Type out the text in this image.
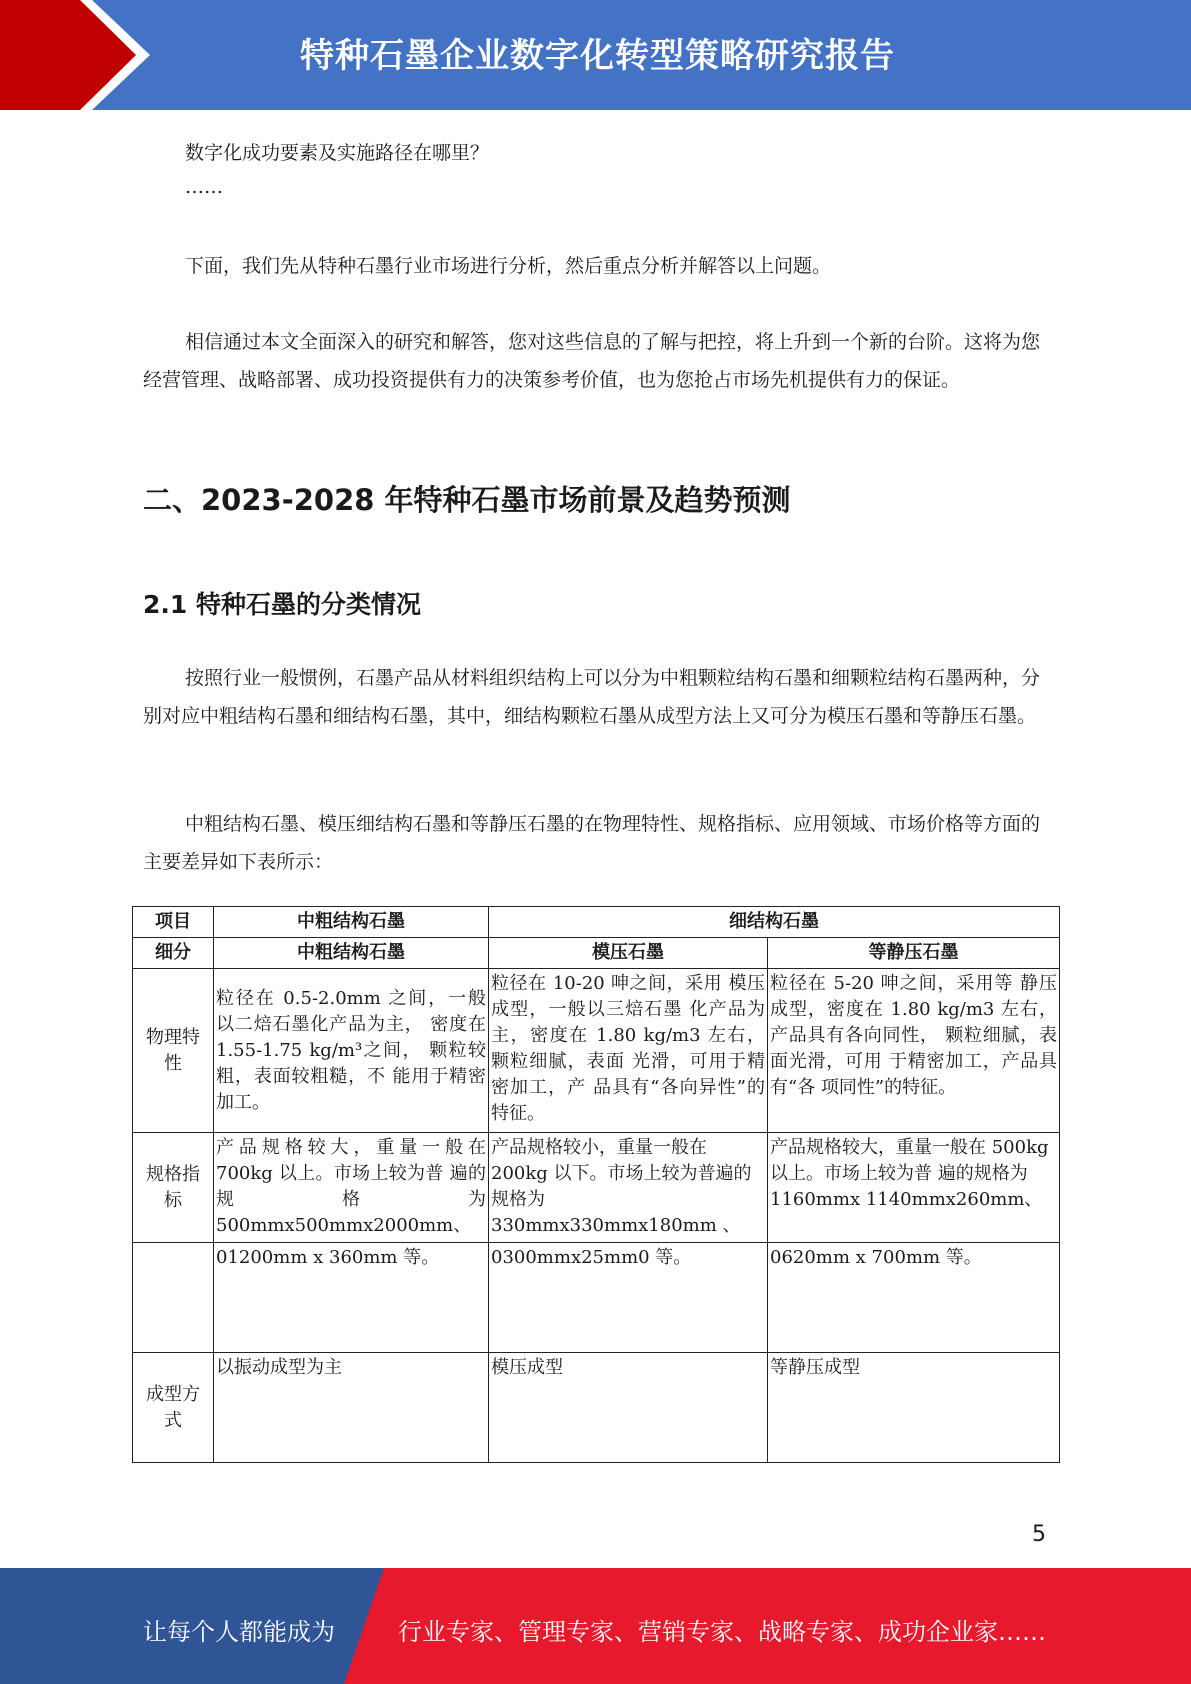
特种石墨企业数字化转型策略研究报告

数字化成功要素及实施路径在哪里？

……

下面，我们先从特种石墨行业市场进行分析，然后重点分析并解答以上问题。

相信通过本文全面深入的研究和解答，您对这些信息的了解与把控，将上升到一个新的台阶。这将为您经营管理、战略部署、成功投资提供有力的决策参考价值，也为您抢占市场先机提供有力的保证。

二、2023-2028 年特种石墨市场前景及趋势预测
2.1 特种石墨的分类情况

按照行业一般惯例，石墨产品从材料组织结构上可以分为中粗颗粒结构石墨和细颗粒结构石墨两种，分别对应中粗结构石墨和细结构石墨，其中，细结构颗粒石墨从成型方法上又可分为模压石墨和等静压石墨。

中粗结构石墨、模压细结构石墨和等静压石墨的在物理特性、规格指标、应用领域、市场价格等方面的主要差异如下表所示：

项目	中粗结构石墨	细结构石墨	
细分	中粗结构石墨	模压石墨	等静压石墨
物理特性	粒径在 0.5-2.0mm 之间，一般以二焙石墨化产品为主， 密度在 1.55-1.75 kg/m³之间， 颗粒较粗，表面较粗糙，不 能用于精密加工。	粒径在 10-20 呻之间，采用 模压成型，一般以三焙石墨 化产品为主，密度在 1.80 kg/m3 左右，颗粒细腻，表面 光滑，可用于精密加工，产 品具有“各向异性”的特征。	粒径在 5-20 呻之间，采用等 静压成型，密度在 1.80 kg/m3 左右，产品具有各向同性， 颗粒细腻，表面光滑，可用 于精密加工，产品具有“各 项同性”的特征。
规格指标	产品规格较大，重量一般在 700kg 以上。市场上较为普 遍的规格为 500mmx500mmx2000mm、	产品规格较小，重量一般在 200kg 以下。市场上较为普遍的规格为 330mmx330mmx180mm 、	产品规格较大，重量一般在 500kg 以上。市场上较为普 遍的规格为 1160mmx 1140mmx260mm、
	01200mm x 360mm 等。	0300mmx25mm0 等。	0620mm x 700mm 等。
成型方式	以振动成型为主	模压成型	等静压成型
5
让每个人都能成为	行业专家、管理专家、营销专家、战略专家、成功企业家……
